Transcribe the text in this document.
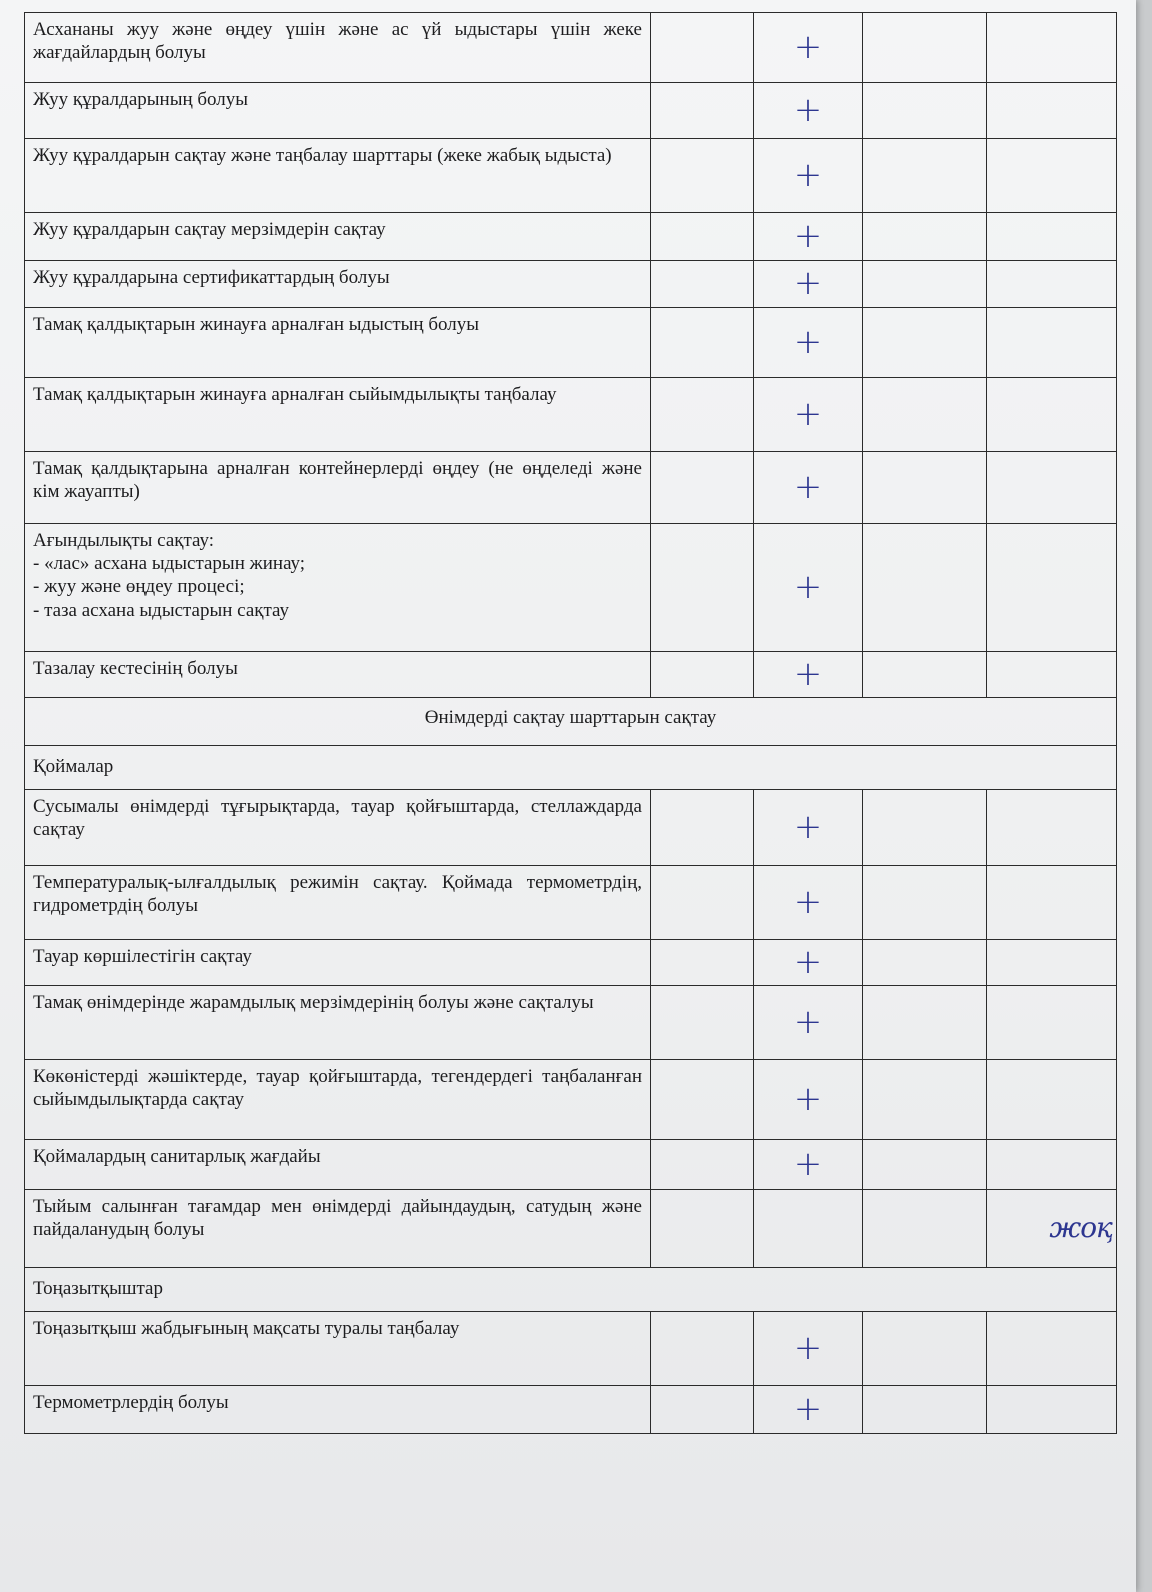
Асхананы жуу және өңдеу үшін және ас үй ыдыстары үшін жеке жағдайлардың болуы		+		
Жуу құралдарының болуы		+		
Жуу құралдарын сақтау және таңбалау шарттары (жеке жабық ыдыста)		+		
Жуу құралдарын сақтау мерзімдерін сақтау		+		
Жуу құралдарына сертификаттардың болуы		+		
Тамақ қалдықтарын жинауға арналған ыдыстың болуы		+		
Тамақ қалдықтарын жинауға арналған сыйымдылықты таңбалау		+		
Тамақ қалдықтарына арналған контейнерлерді өңдеу (не өңделеді және кім жауапты)		+		

Ағындылықты сақтау:
- «лас» асхана ыдыстарын жинау;
- жуу және өңдеу процесі;
- таза асхана ыдыстарын сақтау		+		
Тазалау кестесінің болуы		+		
Өнімдерді сақтау шарттарын сақтау				
Қоймалар				
Сусымалы өнімдерді тұғырықтарда, тауар қойғыштарда, стеллаждарда сақтау		+		
Температуралық-ылғалдылық режимін сақтау. Қоймада термометрдің, гидрометрдің болуы		+		
Тауар көршілестігін сақтау		+		
Тамақ өнімдерінде жарамдылық мерзімдерінің болуы және сақталуы		+		
Көкөністерді жәшіктерде, тауар қойғыштарда, тегендердегі таңбаланған сыйымдылықтарда сақтау		+		
Қоймалардың санитарлық жағдайы		+		
Тыйым салынған тағамдар мен өнімдерді дайындаудың, сатудың және пайдаланудың болуы				жоқ
Тоңазытқыштар				
Тоңазытқыш жабдығының мақсаты туралы таңбалау		+		
Термометрлердің болуы		+		
